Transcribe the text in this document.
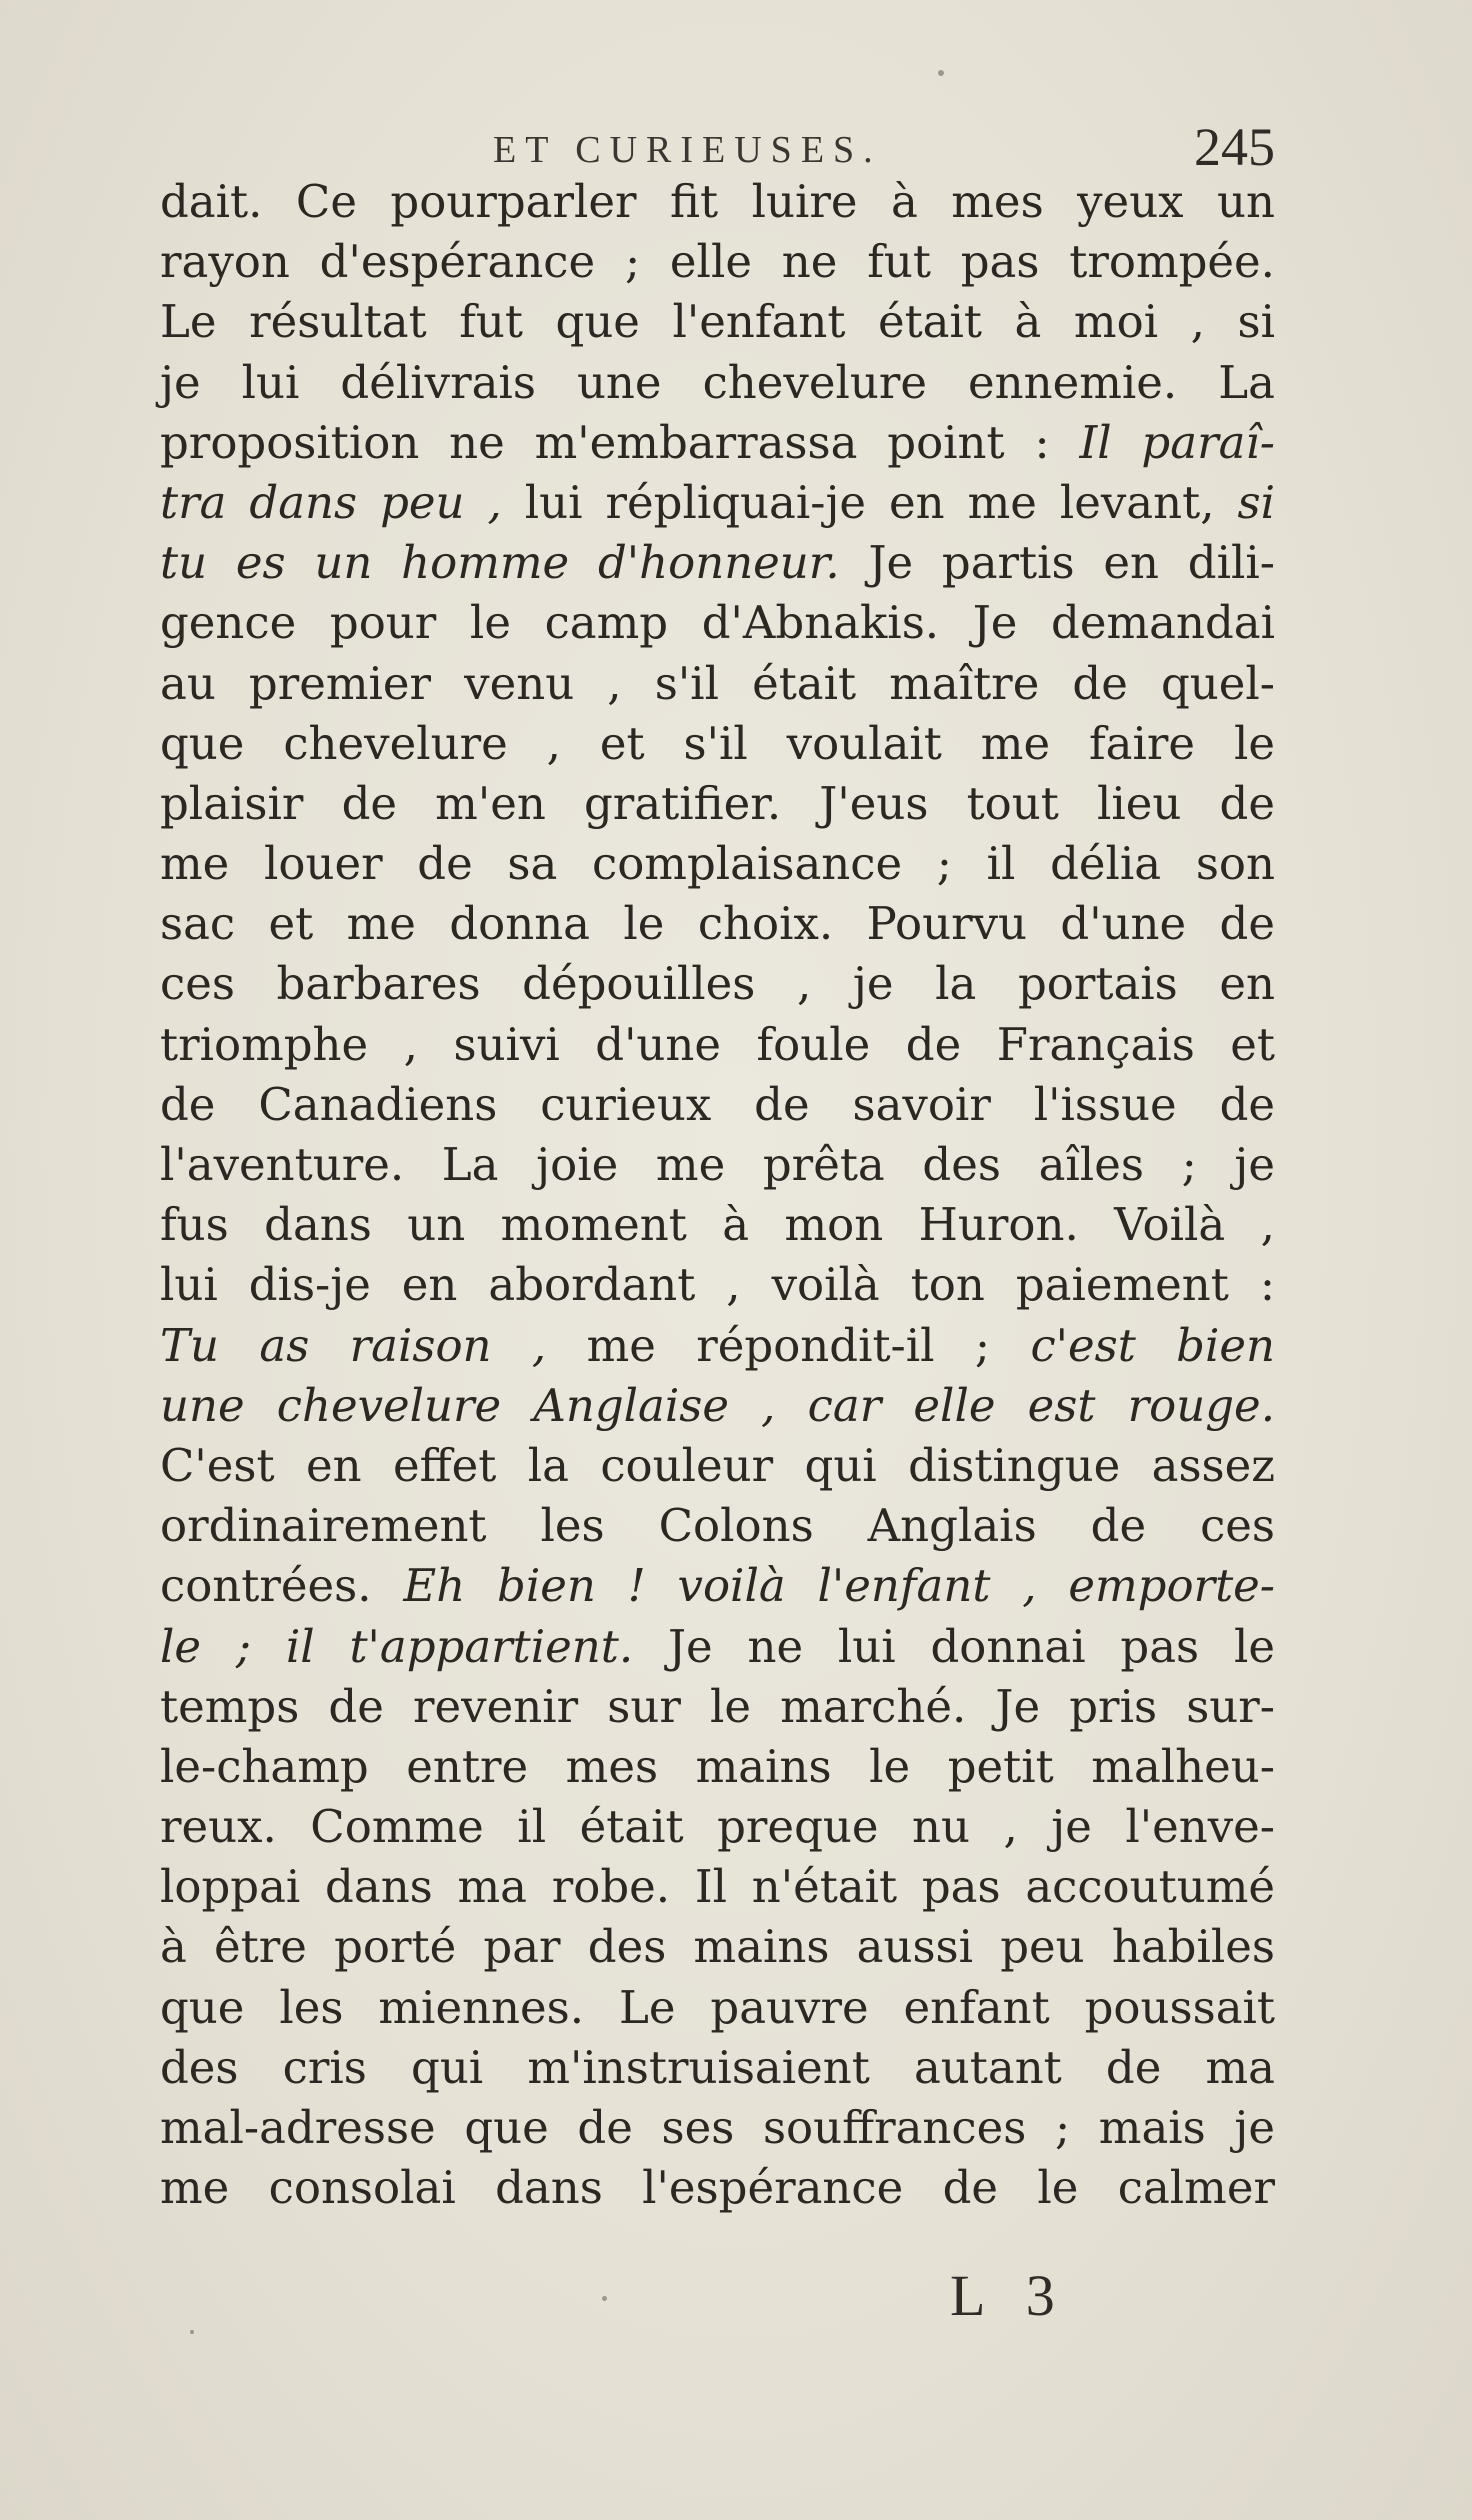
ET CURIEUSES.	245
dait. Ce pourparler fit luire à mes yeux un
rayon d'espérance ; elle ne fut pas trompée.
Le résultat fut que l'enfant était à moi , si
je lui délivrais une chevelure ennemie. La
proposition ne m'embarrassa point : Il paraî-
tra dans peu , lui répliquai-je en me levant, si
tu es un homme d'honneur. Je partis en dili-
gence pour le camp d'Abnakis. Je demandai
au premier venu , s'il était maître de quel-
que chevelure , et s'il voulait me faire le
plaisir de m'en gratifier. J'eus tout lieu de
me louer de sa complaisance ; il délia son
sac et me donna le choix. Pourvu d'une de
ces barbares dépouilles , je la portais en
triomphe , suivi d'une foule de Français et
de Canadiens curieux de savoir l'issue de
l'aventure. La joie me prêta des aîles ; je
fus dans un moment à mon Huron. Voilà ,
lui dis-je en abordant , voilà ton paiement :
Tu as raison , me répondit-il ; c'est bien
une chevelure Anglaise , car elle est rouge.
C'est en effet la couleur qui distingue assez
ordinairement les Colons Anglais de ces
contrées. Eh bien ! voilà l'enfant , emporte-
le ; il t'appartient. Je ne lui donnai pas le
temps de revenir sur le marché. Je pris sur-
le-champ entre mes mains le petit malheu-
reux. Comme il était preque nu , je l'enve-
loppai dans ma robe. Il n'était pas accoutumé
à être porté par des mains aussi peu habiles
que les miennes. Le pauvre enfant poussait
des cris qui m'instruisaient autant de ma
mal-adresse que de ses souffrances ; mais je
me consolai dans l'espérance de le calmer
L 3
